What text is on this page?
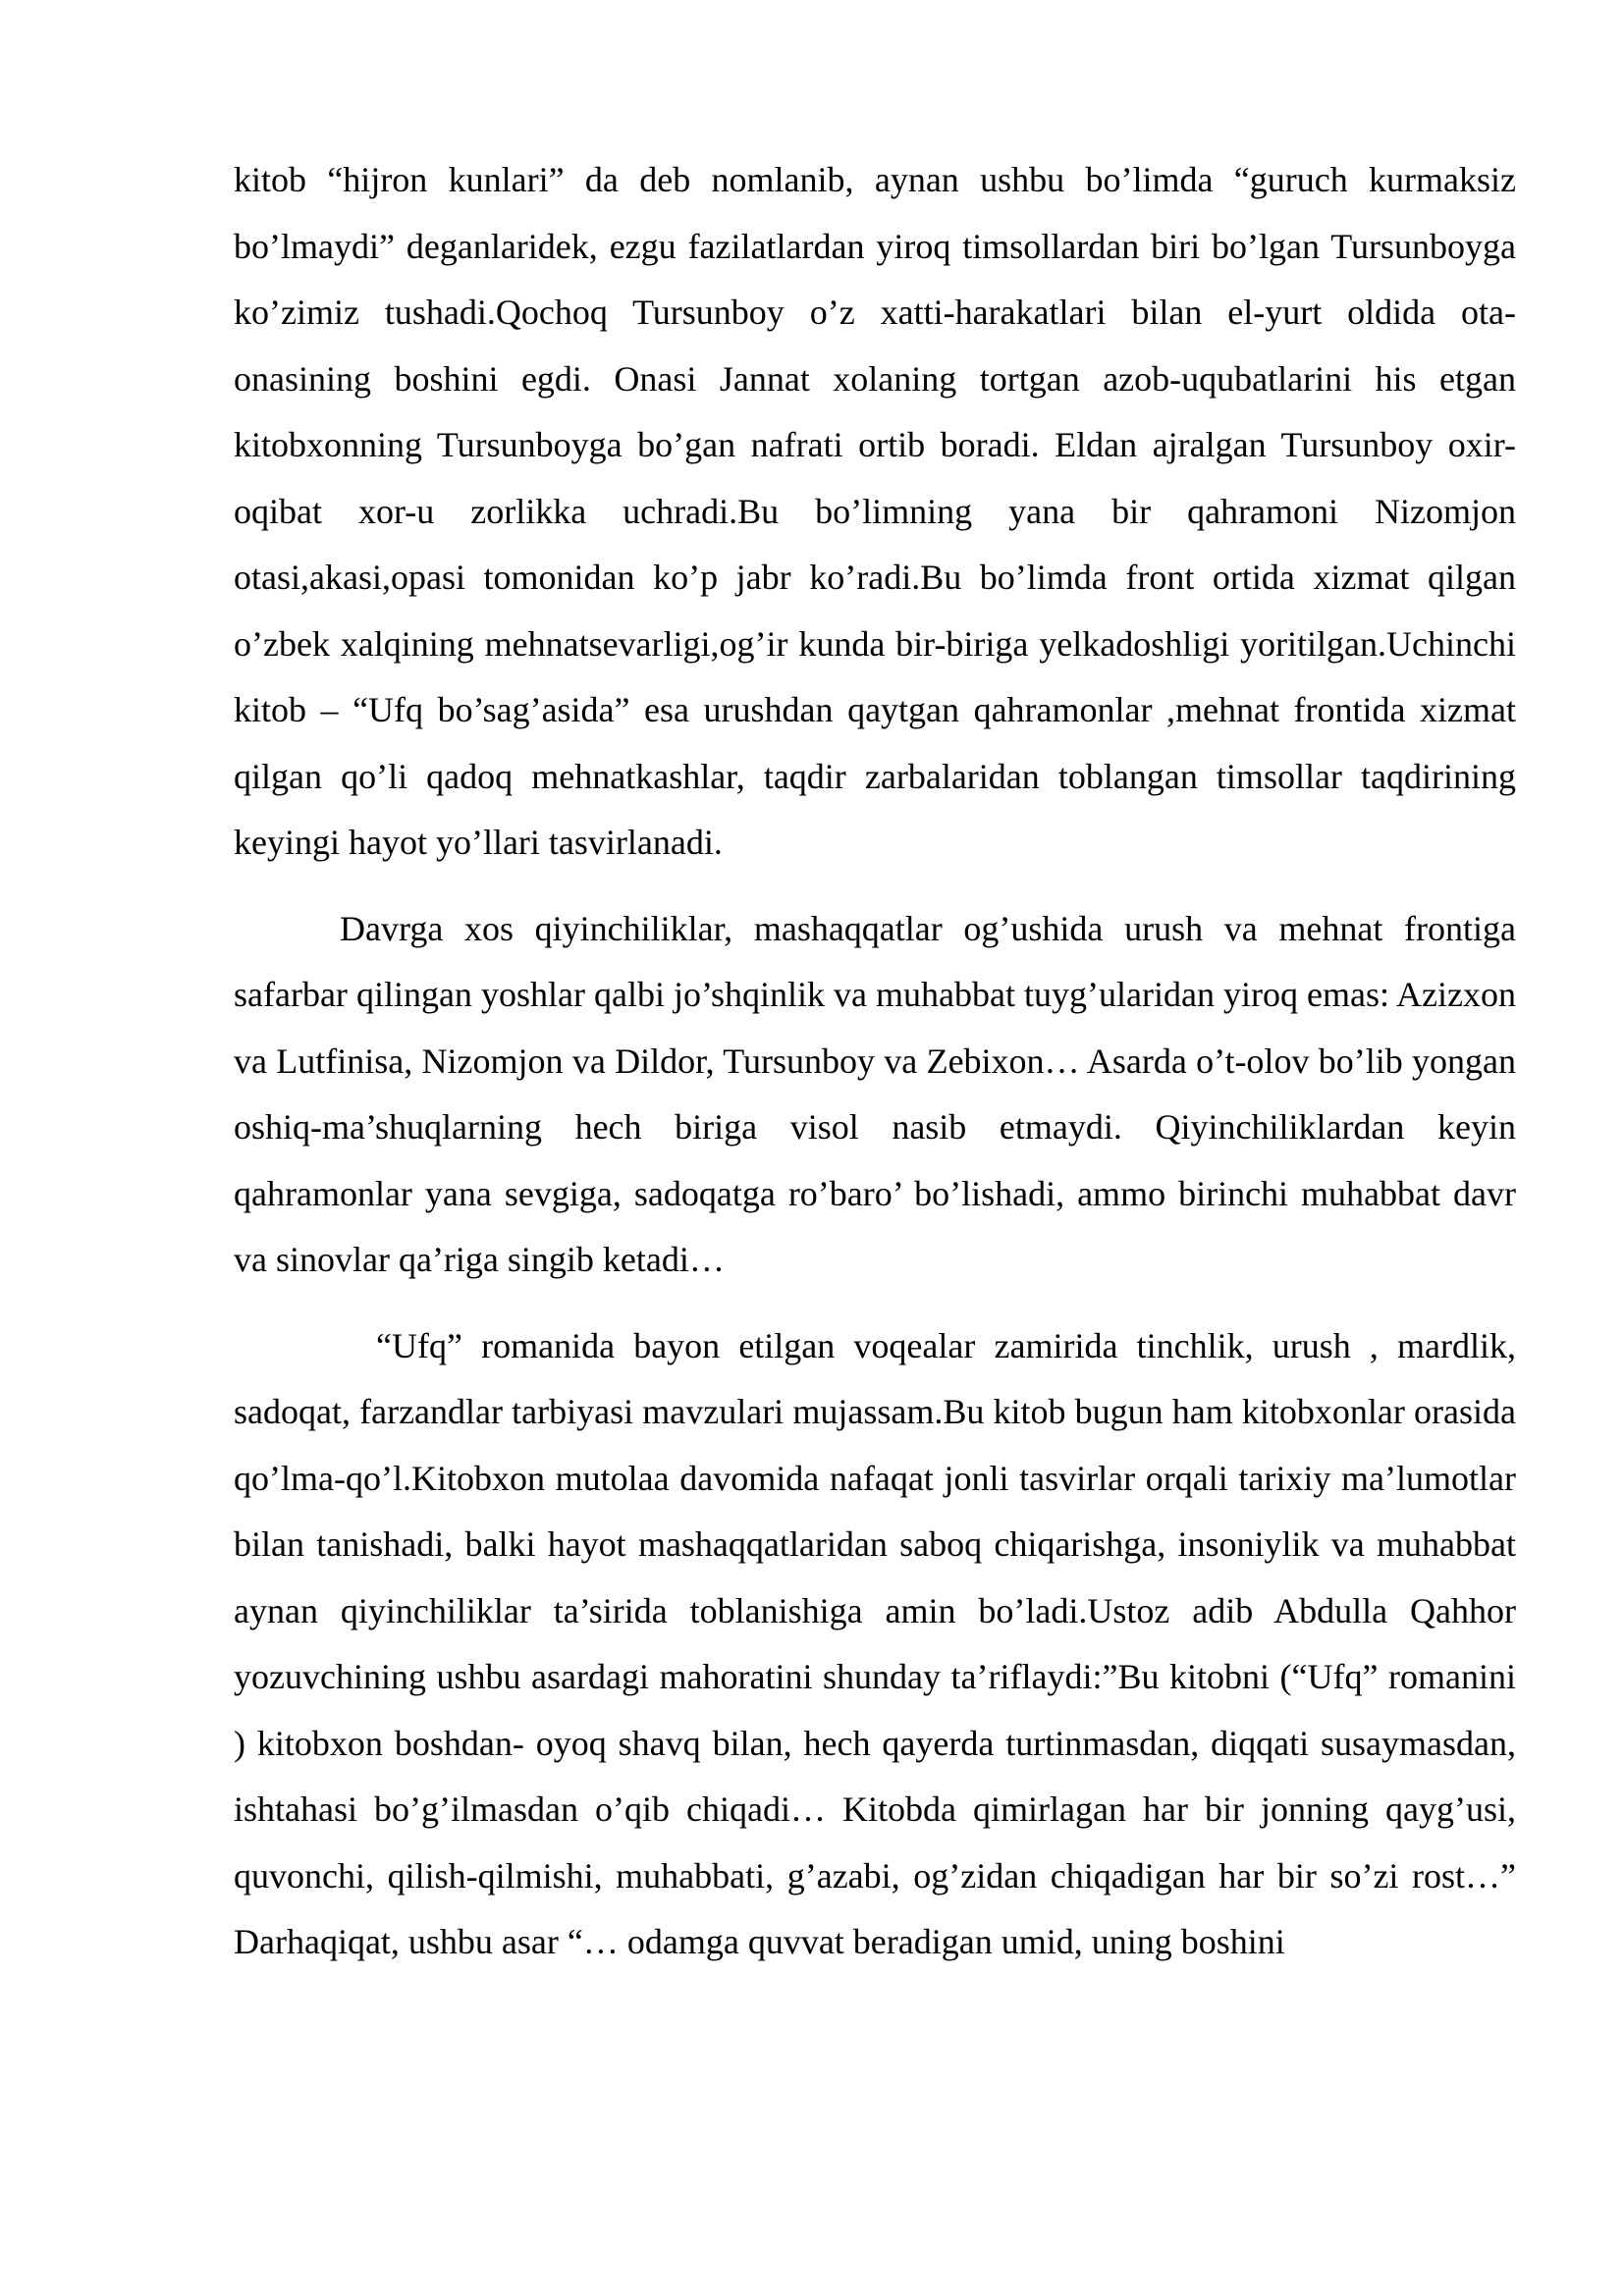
kitob “hijron kunlari” da deb nomlanib, aynan ushbu bo’limda “guruch kurmaksiz bo’lmaydi” deganlaridek, ezgu fazilatlardan yiroq timsollardan biri bo’lgan Tursunboyga ko’zimiz tushadi.Qochoq Tursunboy o’z xatti-harakatlari bilan el-yurt oldida ota-onasining boshini egdi. Onasi Jannat xolaning tortgan azob-uqubatlarini his etgan kitobxonning Tursunboyga bo’gan nafrati ortib boradi. Eldan ajralgan Tursunboy oxir-oqibat xor-u zorlikka uchradi.Bu bo’limning yana bir qahramoni Nizomjon otasi,akasi,opasi tomonidan ko’p jabr ko’radi.Bu bo’limda front ortida xizmat qilgan o’zbek xalqining mehnatsevarligi,og’ir kunda bir-biriga yelkadoshligi yoritilgan.Uchinchi kitob – “Ufq bo’sag’asida” esa urushdan qaytgan qahramonlar ,mehnat frontida xizmat qilgan qo’li qadoq mehnatkashlar, taqdir zarbalaridan toblangan timsollar taqdirining keyingi hayot yo’llari tasvirlanadi.

Davrga xos qiyinchiliklar, mashaqqatlar og’ushida urush va mehnat frontiga safarbar qilingan yoshlar qalbi jo’shqinlik va muhabbat tuyg’ularidan yiroq emas: Azizxon va Lutfinisa, Nizomjon va Dildor, Tursunboy va Zebixon… Asarda o’t-olov bo’lib yongan oshiq-ma’shuqlarning hech biriga visol nasib etmaydi. Qiyinchiliklardan keyin qahramonlar yana sevgiga, sadoqatga ro’baro’ bo’lishadi, ammo birinchi muhabbat davr va sinovlar qa’riga singib ketadi…

“Ufq” romanida bayon etilgan voqealar zamirida tinchlik, urush , mardlik, sadoqat, farzandlar tarbiyasi mavzulari mujassam.Bu kitob bugun ham kitobxonlar orasida qo’lma-qo’l.Kitobxon mutolaa davomida nafaqat jonli tasvirlar orqali tarixiy ma’lumotlar bilan tanishadi, balki hayot mashaqqatlaridan saboq chiqarishga, insoniylik va muhabbat aynan qiyinchiliklar ta’sirida toblanishiga amin bo’ladi.Ustoz adib Abdulla Qahhor yozuvchining ushbu asardagi mahoratini shunday ta’riflaydi:”Bu kitobni (“Ufq” romanini ) kitobxon boshdan- oyoq shavq bilan, hech qayerda turtinmasdan, diqqati susaymasdan, ishtahasi bo’g’ilmasdan o’qib chiqadi… Kitobda qimirlagan har bir jonning qayg’usi, quvonchi, qilish-qilmishi, muhabbati, g’azabi, og’zidan chiqadigan har bir so’zi rost…” Darhaqiqat, ushbu asar “… odamga quvvat beradigan umid, uning boshini
